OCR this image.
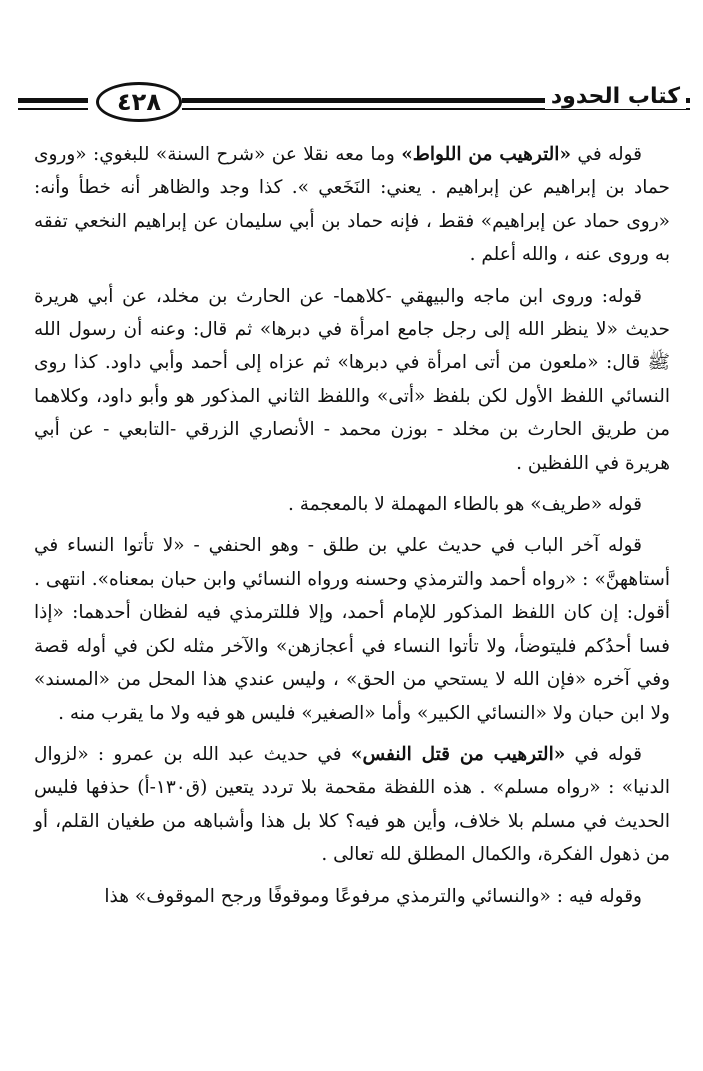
كتاب الحدود
٤٢٨

قوله في «الترهيب من اللواط» وما معه نقلا عن «شرح السنة» للبغوي: «وروى حماد بن إبراهيم عن إبراهيم . يعني: النَخَعي ». كذا وجد والظاهر أنه خطأ وأنه: «روى حماد عن إبراهيم» فقط ، فإنه حماد بن أبي سليمان عن إبراهيم النخعي تفقه به وروى عنه ، والله أعلم .

قوله: وروى ابن ماجه والبيهقي -كلاهما- عن الحارث بن مخلد، عن أبي هريرة حديث «لا ينظر الله إلى رجل جامع امرأة في دبرها» ثم قال: وعنه أن رسول الله ﷺ قال: «ملعون من أتى امرأة في دبرها» ثم عزاه إلى أحمد وأبي داود. كذا روى النسائي اللفظ الأول لكن بلفظ «أتى» واللفظ الثاني المذكور هو وأبو داود، وكلاهما من طريق الحارث بن مخلد - بوزن محمد - الأنصاري الزرقي -التابعي - عن أبي هريرة في اللفظين .

قوله «طريف» هو بالطاء المهملة لا بالمعجمة .

قوله آخر الباب في حديث علي بن طلق - وهو الحنفي - «لا تأتوا النساء في أستاههنَّ» : «رواه أحمد والترمذي وحسنه ورواه النسائي وابن حبان بمعناه». انتهى . أقول: إن كان اللفظ المذكور للإمام أحمد، وإلا فللترمذي فيه لفظان أحدهما: «إذا فسا أحدُكم فليتوضأ، ولا تأتوا النساء في أعجازهن» والآخر مثله لكن في أوله قصة وفي آخره «فإن الله لا يستحي من الحق» ، وليس عندي هذا المحل من «المسند» ولا ابن حبان ولا «النسائي الكبير» وأما «الصغير» فليس هو فيه ولا ما يقرب منه .

قوله في «الترهيب من قتل النفس» في حديث عبد الله بن عمرو : «لزوال الدنيا» : «رواه مسلم» . هذه اللفظة مقحمة بلا تردد يتعين (ق١٣٠-أ) حذفها فليس الحديث في مسلم بلا خلاف، وأين هو فيه؟ كلا بل هذا وأشباهه من طغيان القلم، أو من ذهول الفكرة، والكمال المطلق لله تعالى .

وقوله فيه : «والنسائي والترمذي مرفوعًا وموقوفًا ورجح الموقوف» هذا
